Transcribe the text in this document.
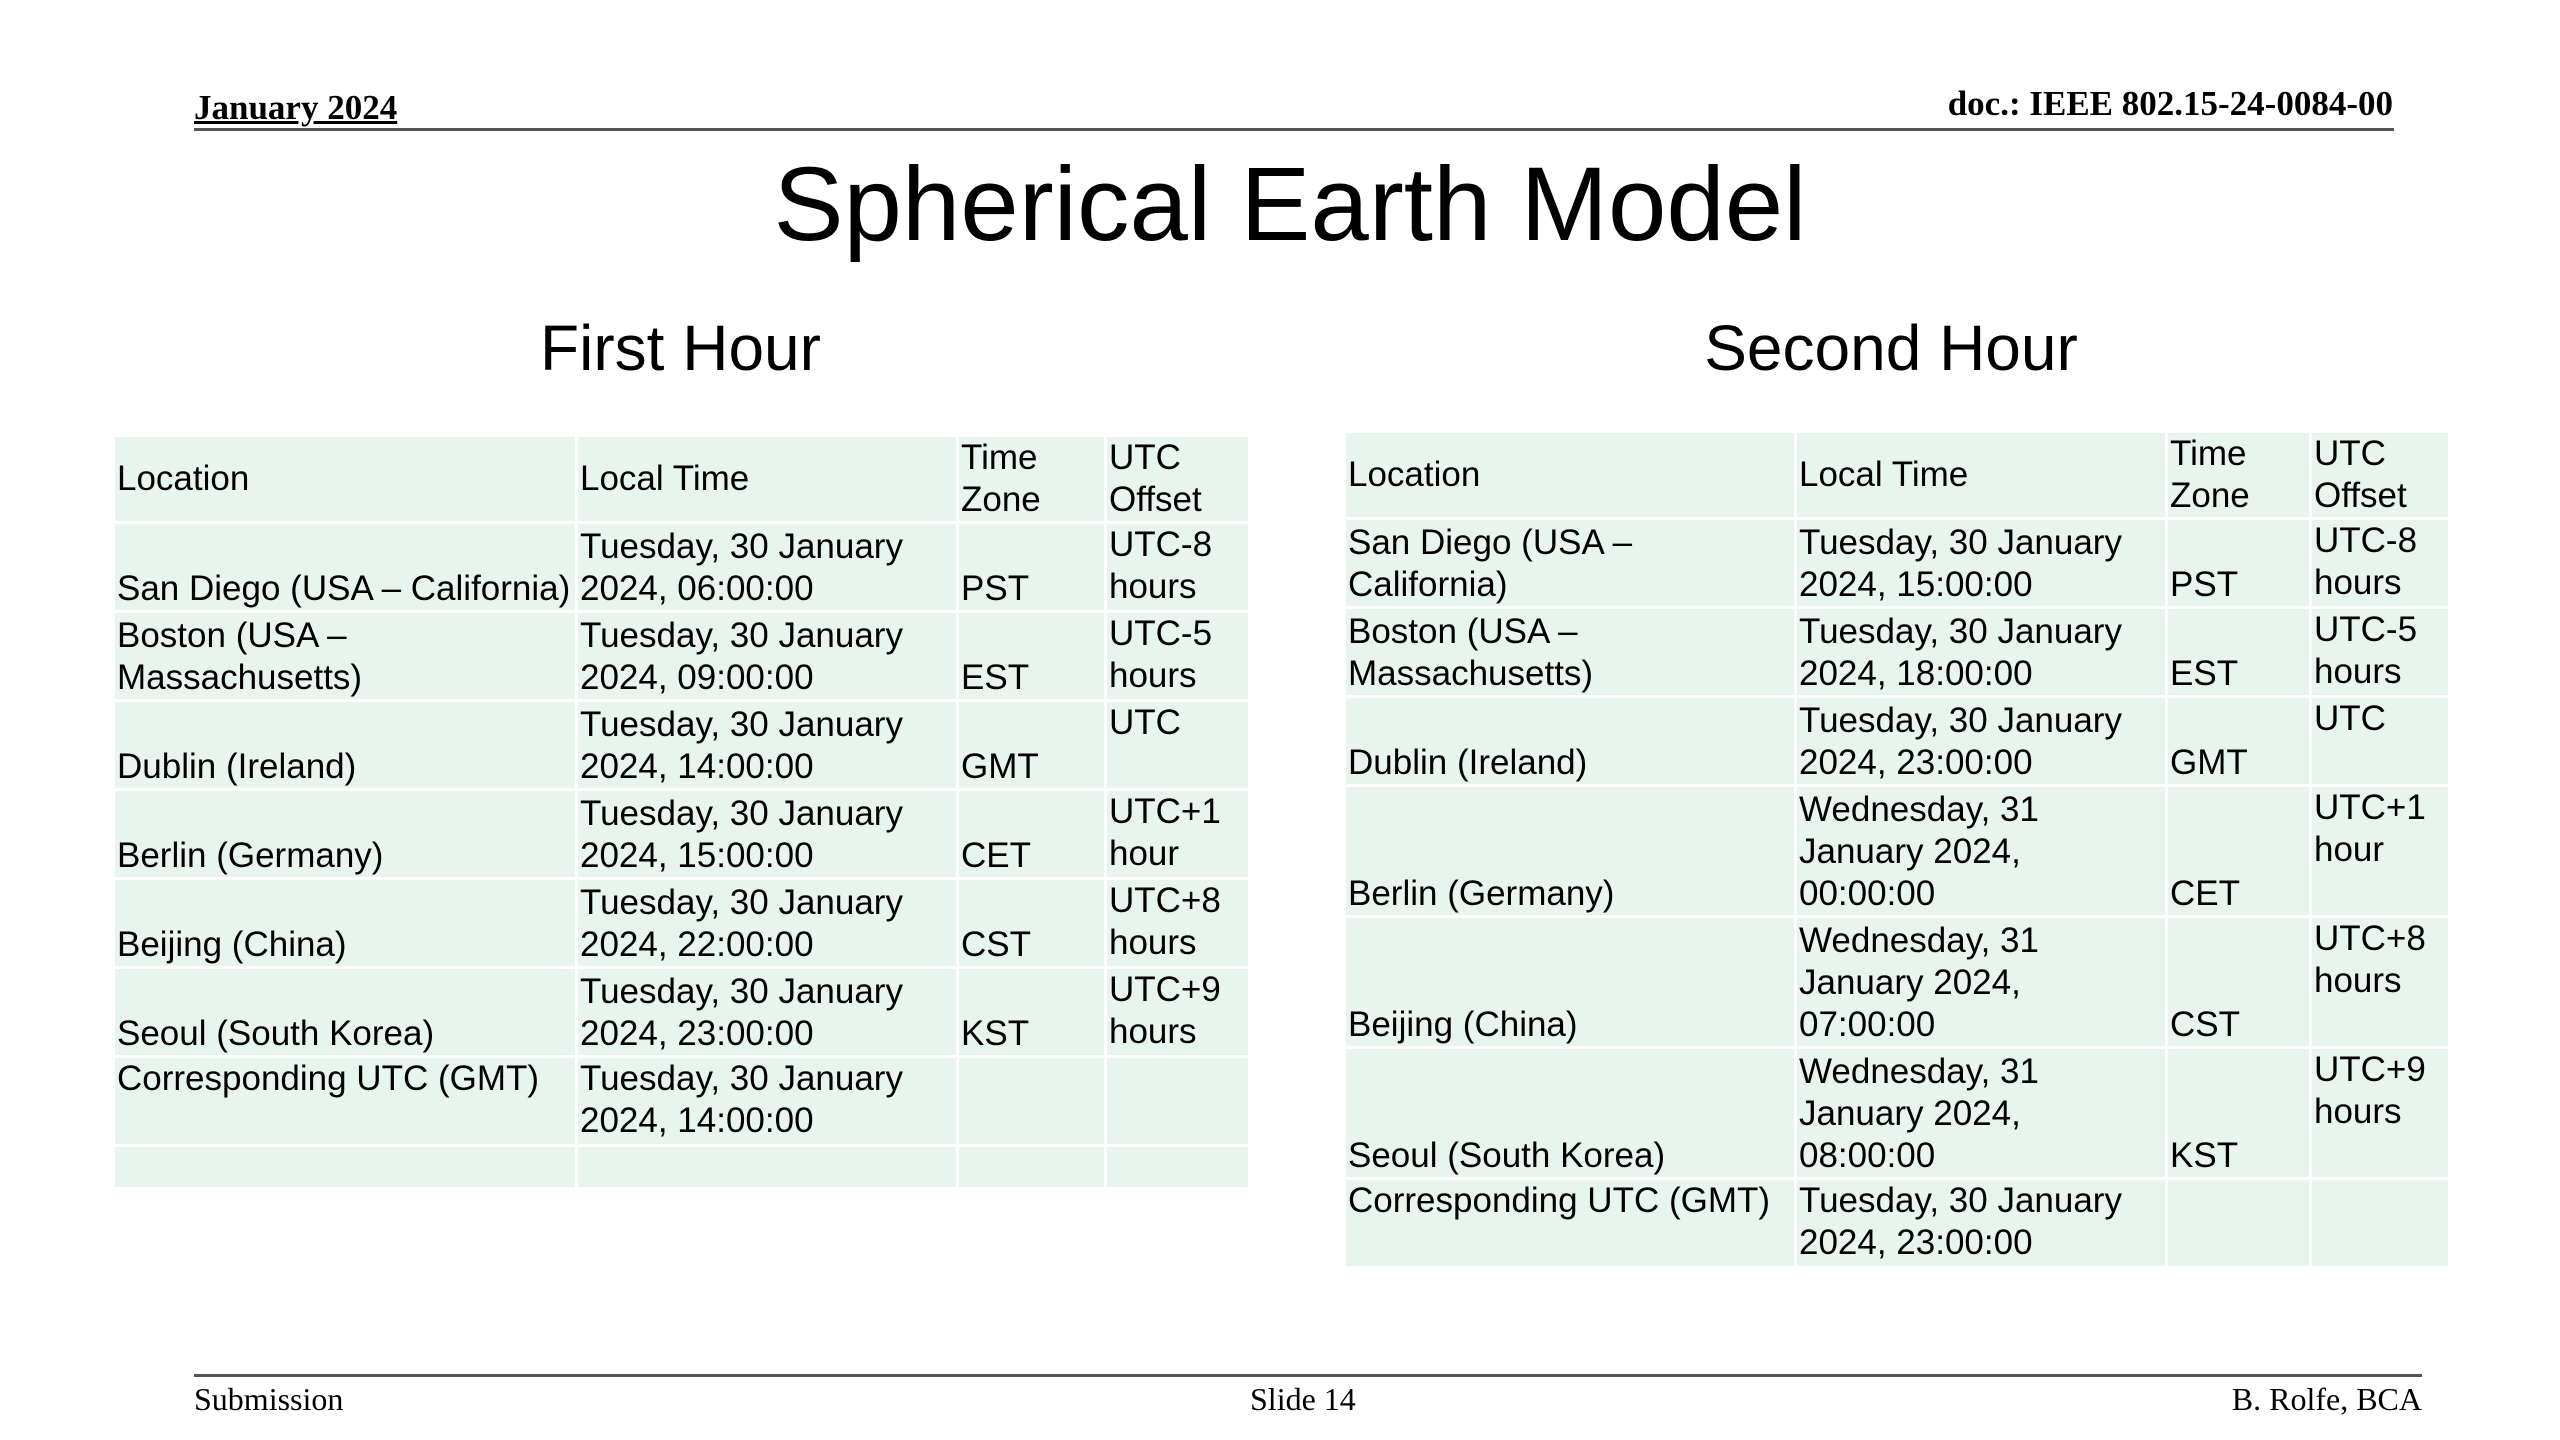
January 2024	doc.: IEEE 802.15-24-0084-00
Spherical Earth Model
First Hour	Second Hour
Location	Local Time	Time Zone	UTC Offset
San Diego (USA – California)	Tuesday, 30 January 2024, 06:00:00	PST	UTC-8 hours
Boston (USA – Massachusetts)	Tuesday, 30 January 2024, 09:00:00	EST	UTC-5 hours
Dublin (Ireland)	Tuesday, 30 January 2024, 14:00:00	GMT	UTC
Berlin (Germany)	Tuesday, 30 January 2024, 15:00:00	CET	UTC+1 hour
Beijing (China)	Tuesday, 30 January 2024, 22:00:00	CST	UTC+8 hours
Seoul (South Korea)	Tuesday, 30 January 2024, 23:00:00	KST	UTC+9 hours
Corresponding UTC (GMT)	Tuesday, 30 January 2024, 14:00:00		

Location	Local Time	Time Zone	UTC Offset
San Diego (USA – California)	Tuesday, 30 January 2024, 15:00:00	PST	UTC-8 hours
Boston (USA – Massachusetts)	Tuesday, 30 January 2024, 18:00:00	EST	UTC-5 hours
Dublin (Ireland)	Tuesday, 30 January 2024, 23:00:00	GMT	UTC
Berlin (Germany)	Wednesday, 31 January 2024, 00:00:00	CET	UTC+1 hour
Beijing (China)	Wednesday, 31 January 2024, 07:00:00	CST	UTC+8 hours
Seoul (South Korea)	Wednesday, 31 January 2024, 08:00:00	KST	UTC+9 hours
Corresponding UTC (GMT)	Tuesday, 30 January 2024, 23:00:00		
Submission	Slide 14	B. Rolfe, BCA
